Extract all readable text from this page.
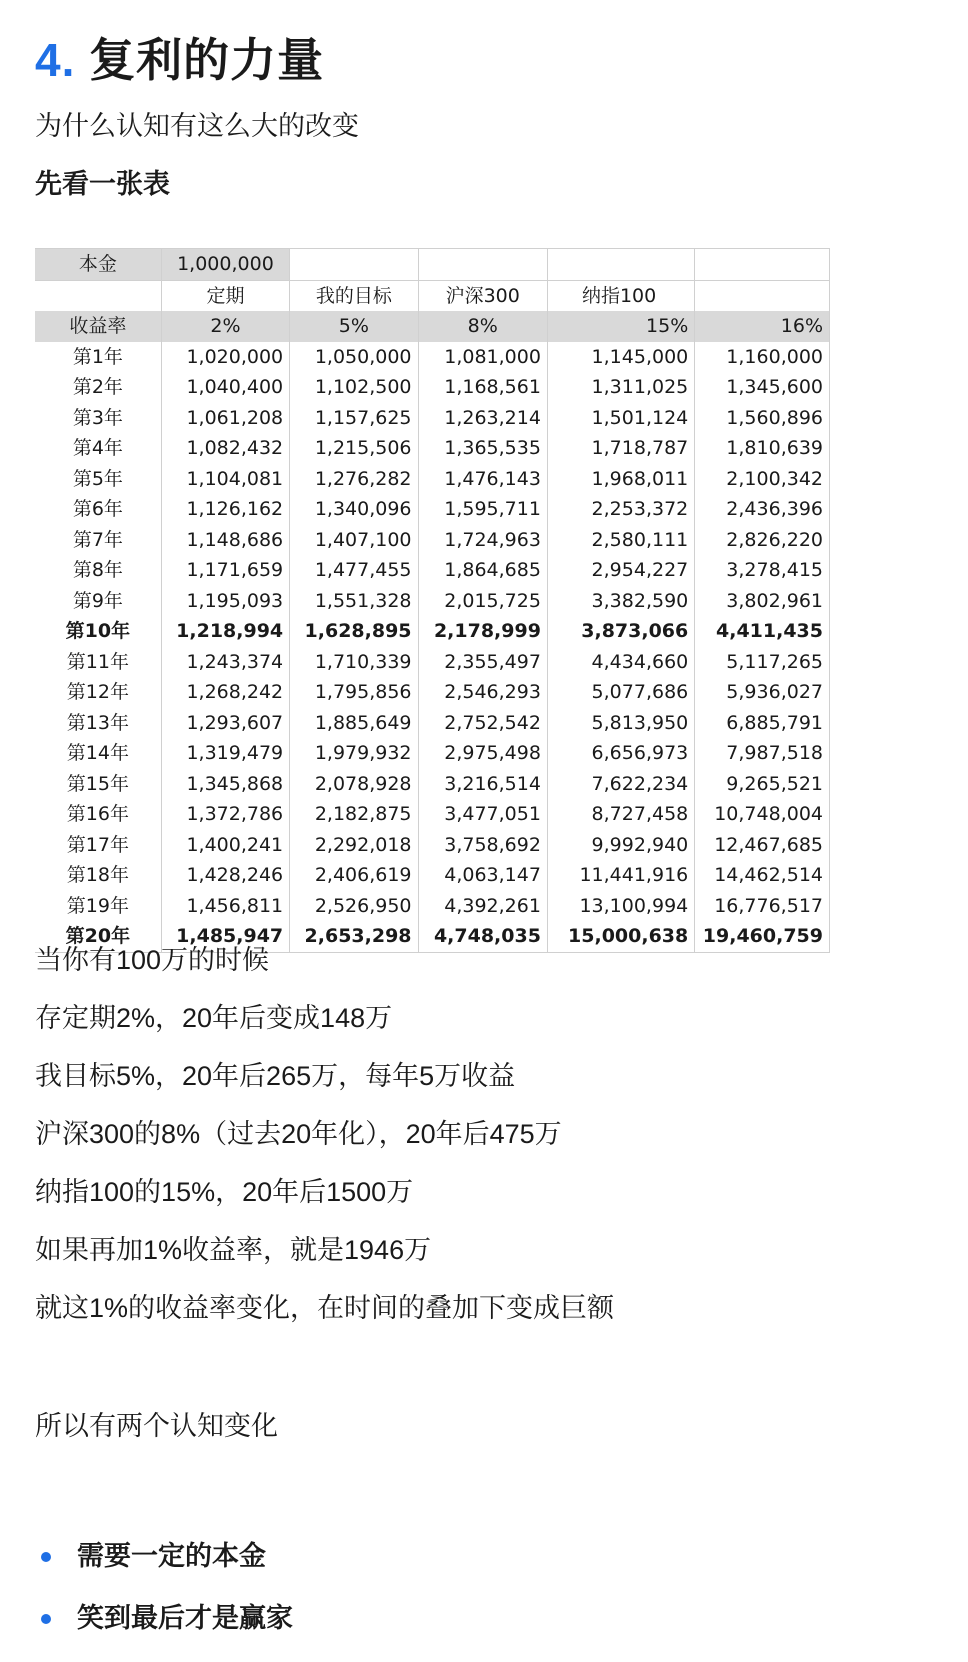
4. 复利的力量

为什么认知有这么大的改变

先看一张表

本金	1,000,000				
	定期	我的目标	沪深300	纳指100	
收益率	2%	5%	8%	15%	16%
第1年	1,020,000	1,050,000	1,081,000	1,145,000	1,160,000
第2年	1,040,400	1,102,500	1,168,561	1,311,025	1,345,600
第3年	1,061,208	1,157,625	1,263,214	1,501,124	1,560,896
第4年	1,082,432	1,215,506	1,365,535	1,718,787	1,810,639
第5年	1,104,081	1,276,282	1,476,143	1,968,011	2,100,342
第6年	1,126,162	1,340,096	1,595,711	2,253,372	2,436,396
第7年	1,148,686	1,407,100	1,724,963	2,580,111	2,826,220
第8年	1,171,659	1,477,455	1,864,685	2,954,227	3,278,415
第9年	1,195,093	1,551,328	2,015,725	3,382,590	3,802,961
第10年	1,218,994	1,628,895	2,178,999	3,873,066	4,411,435
第11年	1,243,374	1,710,339	2,355,497	4,434,660	5,117,265
第12年	1,268,242	1,795,856	2,546,293	5,077,686	5,936,027
第13年	1,293,607	1,885,649	2,752,542	5,813,950	6,885,791
第14年	1,319,479	1,979,932	2,975,498	6,656,973	7,987,518
第15年	1,345,868	2,078,928	3,216,514	7,622,234	9,265,521
第16年	1,372,786	2,182,875	3,477,051	8,727,458	10,748,004
第17年	1,400,241	2,292,018	3,758,692	9,992,940	12,467,685
第18年	1,428,246	2,406,619	4,063,147	11,441,916	14,462,514
第19年	1,456,811	2,526,950	4,392,261	13,100,994	16,776,517
第20年	1,485,947	2,653,298	4,748,035	15,000,638	19,460,759

当你有100万的时候

存定期2%，20年后变成148万

我目标5%，20年后265万，每年5万收益

沪深300的8%（过去20年化），20年后475万

纳指100的15%，20年后1500万

如果再加1%收益率，就是1946万

就这1%的收益率变化，在时间的叠加下变成巨额

所以有两个认知变化

需要一定的本金
笑到最后才是赢家
